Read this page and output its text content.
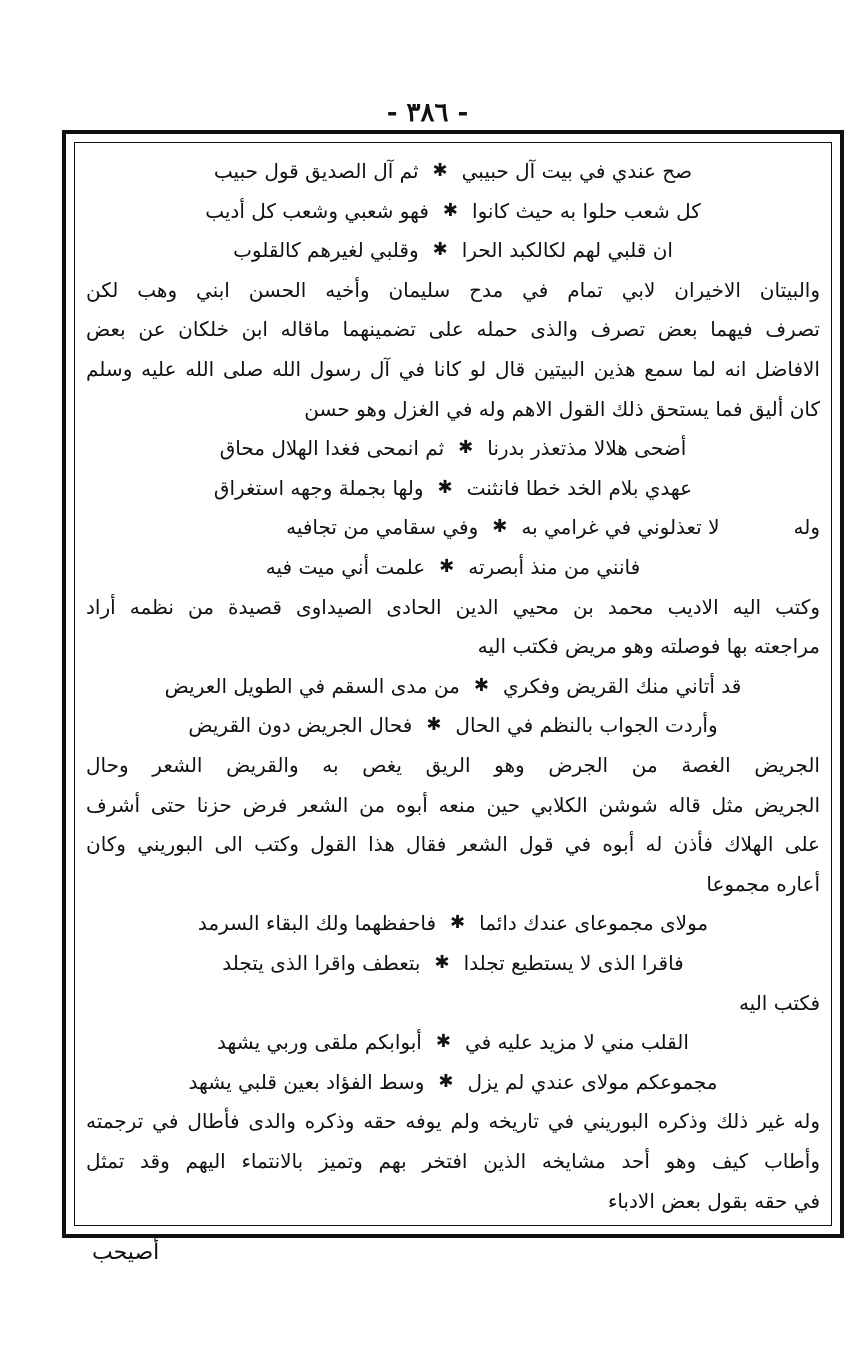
- ٣٨٦ -
صح عندي في بيت آل حبيبي
✱
ثم آل الصديق قول حبيب
كل شعب حلوا به حيث كانوا
✱
فهو شعبي وشعب كل أديب
ان قلبي لهم لكالكبد الحرا
✱
وقلبي لغيرهم كالقلوب
والبيتان الاخيران لابي تمام في مدح سليمان وأخيه الحسن ابني وهب لكن
تصرف فيهما بعض تصرف والذى حمله على تضمينهما ماقاله ابن خلكان عن بعض
الافاضل انه لما سمع هذين البيتين قال لو كانا في آل رسول الله صلى الله عليه وسلم
كان أليق فما يستحق ذلك القول الاهم وله في الغزل وهو حسن
أضحى هلالا مذتعذر بدرنا
✱
ثم انمحى فغدا الهلال محاق
عهدي بلام الخد خطا فانثنت
✱
ولها بجملة وجهه استغراق
وله
لا تعذلوني في غرامي به
✱
وفي سقامي من تجافيه
فانني من منذ أبصرته
✱
علمت أني ميت فيه
وكتب اليه الاديب محمد بن محيي الدين الحادى الصيداوى قصيدة من نظمه أراد
مراجعته بها فوصلته وهو مريض فكتب اليه
قد أتاني منك القريض وفكري
✱
من مدى السقم في الطويل العريض
وأردت الجواب بالنظم في الحال
✱
فحال الجريض دون القريض
الجريض الغصة من الجرض وهو الريق يغص به والقريض الشعر وحال
الجريض مثل قاله شوشن الكلابي حين منعه أبوه من الشعر فرض حزنا حتى أشرف
على الهلاك فأذن له أبوه في قول الشعر فقال هذا القول وكتب الى البوريني وكان
أعاره مجموعا
مولاى مجموعاى عندك دائما
✱
فاحفظهما ولك البقاء السرمد
فاقرا الذى لا يستطيع تجلدا
✱
بتعطف واقرا الذى يتجلد
فكتب اليه
القلب مني لا مزيد عليه في
✱
أبوابكم ملقى وربي يشهد
مجموعكم مولاى عندي لم يزل
✱
وسط الفؤاد بعين قلبي يشهد
وله غير ذلك وذكره البوريني في تاريخه ولم يوفه حقه وذكره والدى فأطال في ترجمته
وأطاب كيف وهو أحد مشايخه الذين افتخر بهم وتميز بالانتماء اليهم وقد تمثل
في حقه بقول بعض الادباء
أصيحب
